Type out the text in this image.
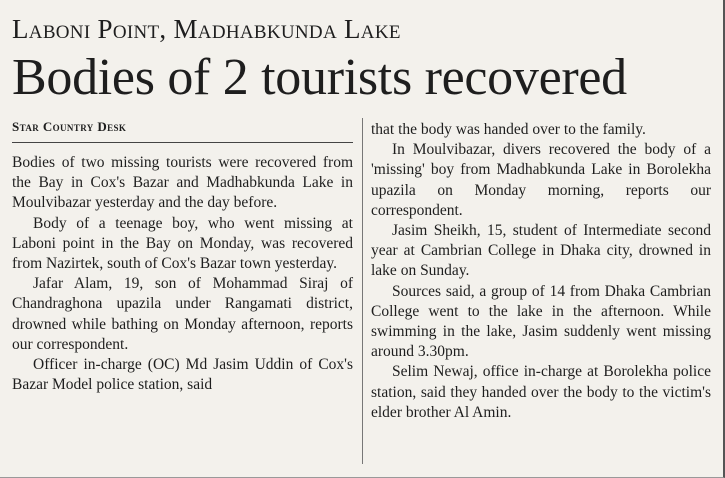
Laboni Point, Madhabkunda Lake
Bodies of 2 tourists recovered
Star Country Desk

Bodies of two missing tourists were recovered from the Bay in Cox's Bazar and Madhabkunda Lake in Moulvibazar yesterday and the day before.

Body of a teenage boy, who went missing at Laboni point in the Bay on Monday, was recovered from Nazirtek, south of Cox's Bazar town yesterday.

Jafar Alam, 19, son of Mohammad Siraj of Chandraghona upazila under Rangamati district, drowned while bathing on Monday afternoon, reports our correspondent.

Officer in-charge (OC) Md Jasim Uddin of Cox's Bazar Model police station, said

that the body was handed over to the family.

In Moulvibazar, divers recovered the body of a 'missing' boy from Madhabkunda Lake in Borolekha upazila on Monday morning, reports our correspondent.

Jasim Sheikh, 15, student of Intermediate second year at Cambrian College in Dhaka city, drowned in lake on Sunday.

Sources said, a group of 14 from Dhaka Cambrian College went to the lake in the afternoon. While swimming in the lake, Jasim suddenly went missing around 3.30pm.

Selim Newaj, office in-charge at Borolekha police station, said they handed over the body to the victim's elder brother Al Amin.
